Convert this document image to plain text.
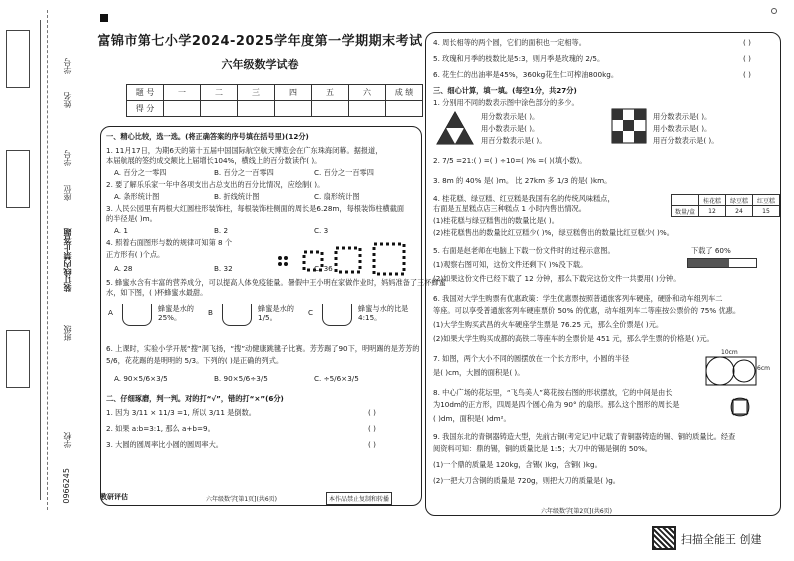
学号
姓名
学号
座位
装订线内禁止答题
班级
学校
0966245
富锦市第七小学2024-2025学年度第一学期期末考试
六年级数学试卷
题 号	一	二	三	四	五	六	成 绩
得 分							
一、精心比较，选一选。(将正确答案的序号填在括号里)(12分)
1. 11月17日，为期6天的第十五届中国国际航空航天博览会在广东珠海闭幕。据报道，
本届航展的签约成交额比上届增长104%，横线上的百分数读作( )。
A. 百分之一零四	B. 百分之一百零四	C. 百分之一百零四
2. 要了解乐乐家一年中各项支出占总支出的百分比情况，应绘制( )。
A. 条形统计图	B. 折线统计图	C. 扇形统计图
3. 人民公园里有两根大红圆柱形装饰柱，每根装饰柱侧面的周长是6.28m，每根装饰柱横截面
的半径是( )m。
A. 1	B. 2	C. 3
4. 照着右面图形与数的规律可知第 8 个
正方形有( )个点。
A. 28	B. 32	C. 36
5. 蜂蜜水含有丰富的营养成分，可以提高人体免疫能量。暑假中王小明在家做作业时，妈妈准备了三杯蜂蜜
水，如下图，( )杯蜂蜜水最甜。
A	蜂蜜是水的25%。
B	蜂蜜是水的1/5。
C	蜂蜜与水的比是4:15。
6. 上课时，实验小学开展“搜”洞飞扬，“搜”动健康跳毽子比赛。芳芳踢了90下，明明踢的是芳芳的
5/6，花花踢的是明明的 5/3。下列的( )是正确的列式。
A. 90×5/6×3/5	B. 90×5/6÷3/5	C. ÷5/6×3/5
二、仔细琢磨，判一判。对的打“√”，错的打“×”(6分)
1. 因为 3/11 × 11/3 =1, 所以 3/11 是倒数。	( )
2. 如果 a:b=3:1, 那么 a+b=9。	( )
3. 大圆的圆周率比小圆的圆周率大。	( )
教研评估	六年级数学[第1页](共6页)	本作品禁止复制和转播
4. 周长相等的两个圆，它们的面积也一定相等。	( )
5. 玫瑰和月季的枝数比是5:3，则月季是玫瑰的 2/5。	( )
6. 花生仁的出油率是45%，360kg花生仁可榨油800kg。	( )
三、细心计算，填一填。(每空1分，共27分)
1. 分别用不同的数表示图中涂色部分的多少。
用分数表示是( )。
用小数表示是( )。
用百分数表示是( )。
用分数表示是( )。
用小数表示是( )。
用百分数表示是( )。
2. 7/5 =21:( ) =( ) ÷10=( )% =( )(填小数)。
3. 8m 的 40% 是( )m。 比 27km 多 1/3 的是( )km。
4. 桂花糕、绿豆糕、红豆糕是我国有名的传统风味糕点，
右面是五星糕点店三种糕点 1 小时内售出情况。
(1)桂花糕与绿豆糕售出的数量比是( )。
(2)桂花糕售出的数量比红豆糕少( )%，绿豆糕售出的数量比红豆糕少( )%。
	桂花糕	绿豆糕	红豆糕
数量/盒	12	24	15
5. 右面是赵老师在电脑上下载一份文件时的过程示意图。	下载了 60%
(1)观察右图可知，这份文件还剩下( )%没下载。
(2)如果这份文件已经下载了 12 分钟，那么下载完这份文件一共要用( )分钟。
6. 我国对大学生购票有优惠政策：学生优惠票按照普通旅客列车硬座，硬卧和动车组列车二
等座。可以享受普通旅客列车硬座票价 50% 的优惠，动车组列车二等座按公票价的 75% 优惠。
(1)大学生购买武昌的火车硬座学生票是 76.25 元，那么全价票是( )元。
(2)如果大学生购买成都的高铁二等座车的全票价是 451 元，那么学生票的价格是( )元。
7. 如图，两个大小不同的圆摆放在一个长方形中，小圆的半径
是( )cm，大圆的面积是( )。
10cm
6cm
8. 中心广场的花坛里，“飞鸟美人”葛花按右图的形状摆放，它的中间是由长
为10dm的正方形，四周是四个圆心角为 90° 的扇形。那么这个图形的周长是
( )dm，面积是( )dm²。
9. 我国东北的青铜器铸造大型，先前古铜(考定记)中记载了青铜器铸造的锡、铜的质量比。经查
阅资料可知：鼎的锡，铜的质量比是 1:5；大刀中的锡是铜的 50%。
(1)一个鼎的质量是 120kg，含锡( )kg，含铜( )kg。
(2)一把大刀含铜的质量是 720g，则把大刀的质量是( )g。
六年级数学[第2页](共6页)
扫描全能王 创建
